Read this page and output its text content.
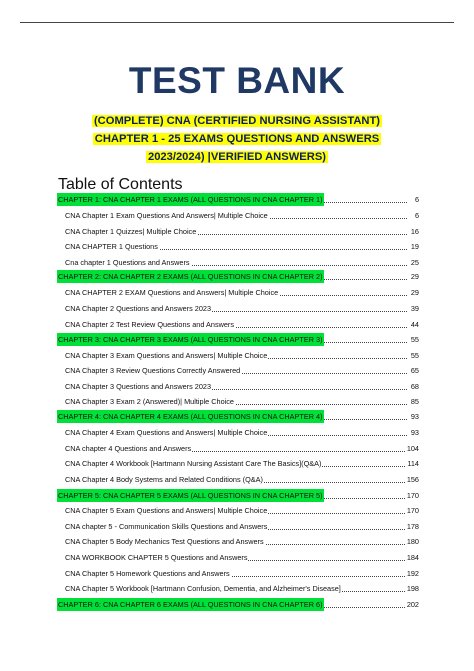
TEST BANK
(COMPLETE) CNA (CERTIFIED NURSING ASSISTANT)
CHAPTER 1 - 25 EXAMS QUESTIONS AND ANSWERS
2023/2024) |VERIFIED ANSWERS)
Table of Contents
CHAPTER 1: CNA CHAPTER 1 EXAMS (ALL QUESTIONS IN CNA CHAPTER 1)	6
CNA Chapter 1 Exam Questions And Answers| Multiple Choice	6
CNA Chapter 1 Quizzes| Multiple Choice	16
CNA CHAPTER 1 Questions	19
Cna chapter 1 Questions and Answers	25
CHAPTER 2: CNA CHAPTER 2 EXAMS (ALL QUESTIONS IN CNA CHAPTER 2)	29
CNA CHAPTER 2 EXAM Questions and Answers| Multiple Choice	29
CNA Chapter 2 Questions and Answers 2023	39
CNA Chapter 2 Test Review Questions and Answers	44
CHAPTER 3: CNA CHAPTER 3 EXAMS (ALL QUESTIONS IN CNA CHAPTER 3)	55
CNA Chapter 3 Exam Questions and Answers| Multiple Choice	55
CNA Chapter 3 Review Questions Correctly Answered	65
CNA Chapter 3 Questions and Answers 2023	68
CNA Chapter 3 Exam 2 (Answered)| Multiple Choice	85
CHAPTER 4: CNA CHAPTER 4 EXAMS (ALL QUESTIONS IN CNA CHAPTER 4)	93
CNA Chapter 4 Exam Questions and Answers| Multiple Choice	93
CNA chapter 4 Questions and Answers	104
CNA Chapter 4 Workbook [Hartmann Nursing Assistant Care The Basics](Q&A)	114
CNA Chapter 4 Body Systems and Related Conditions (Q&A)	156
CHAPTER 5: CNA CHAPTER 5 EXAMS (ALL QUESTIONS IN CNA CHAPTER 5)	170
CNA Chapter 5 Exam Questions and Answers| Multiple Choice	170
CNA chapter 5 - Communication Skills Questions and Answers	178
CNA Chapter 5 Body Mechanics Test Questions and Answers	180
CNA WORKBOOK CHAPTER 5 Questions and Answers	184
CNA Chapter 5 Homework Questions and Answers	192
CNA Chapter 5 Workbook [Hartmann Confusion, Dementia, and Alzheimer's Disease]	198
CHAPTER 6: CNA CHAPTER 6 EXAMS (ALL QUESTIONS IN CNA CHAPTER 6)	202
